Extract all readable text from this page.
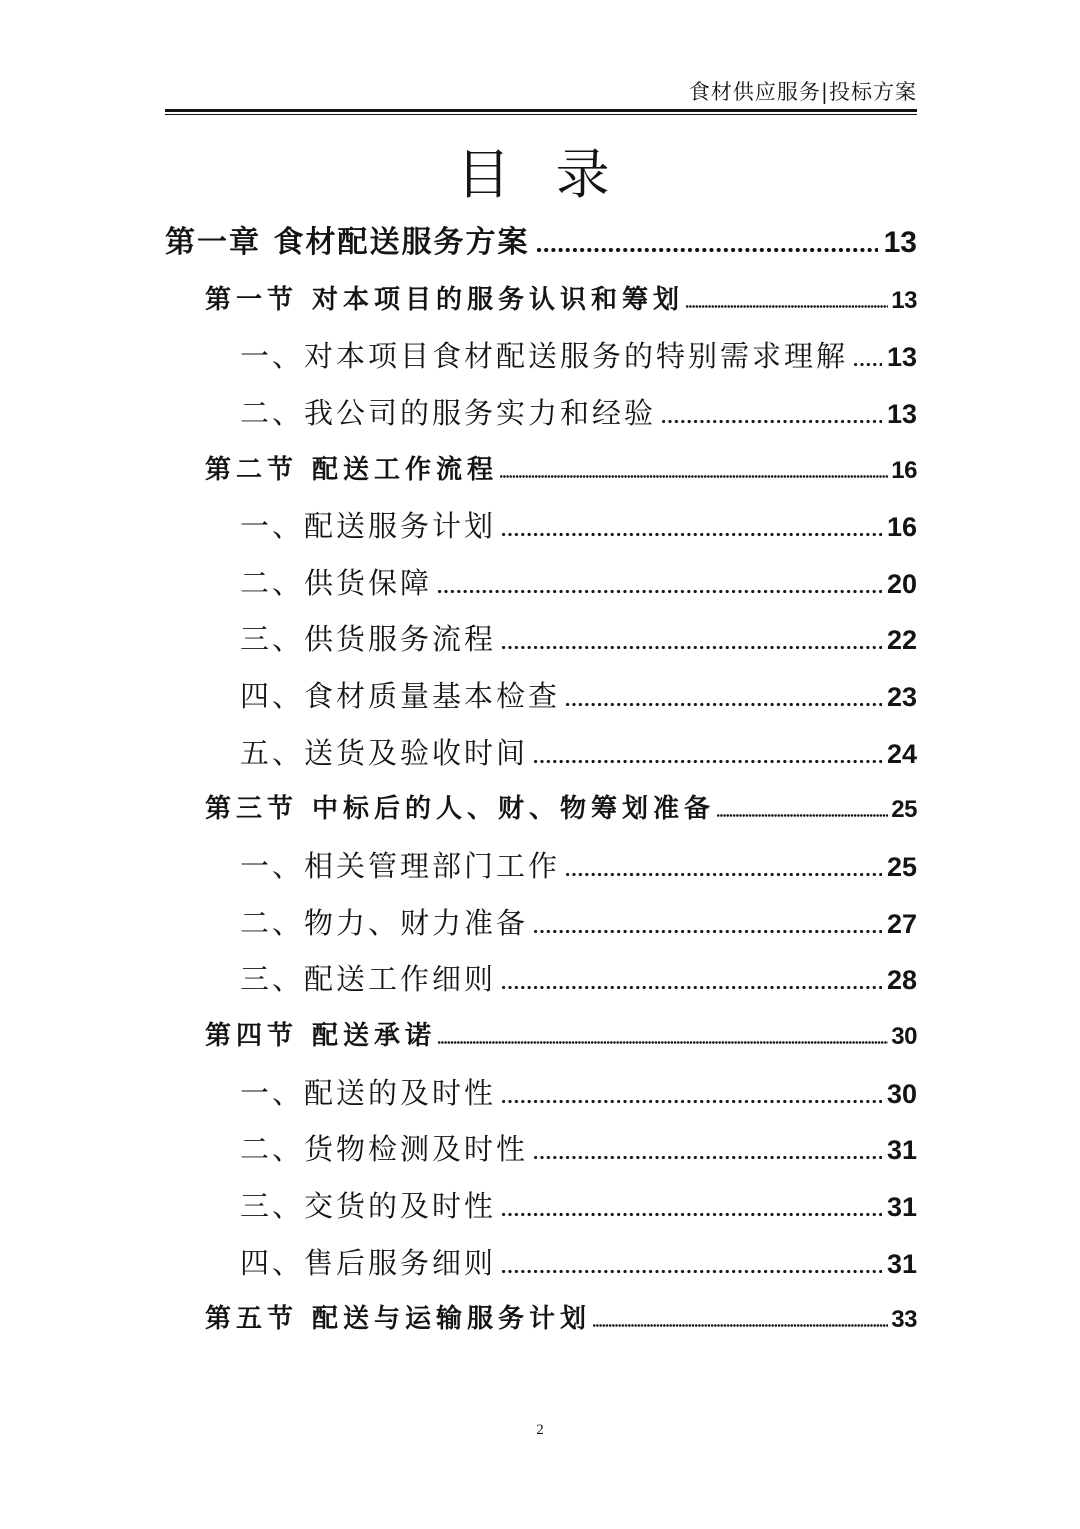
食材供应服务|投标方案
目 录
第一章 食材配送服务方案	13
第一节 对本项目的服务认识和筹划	13
一、对本项目食材配送服务的特别需求理解 13
二、我公司的服务实力和经验	13
第二节 配送工作流程	16
一、配送服务计划	16
二、供货保障	20
三、供货服务流程	22
四、食材质量基本检查	23
五、送货及验收时间	24
第三节 中标后的人、财、物筹划准备	25
一、相关管理部门工作	25
二、物力、财力准备	27
三、配送工作细则	28
第四节 配送承诺	30
一、配送的及时性	30
二、货物检测及时性	31
三、交货的及时性	31
四、售后服务细则	31
第五节 配送与运输服务计划	33
2
